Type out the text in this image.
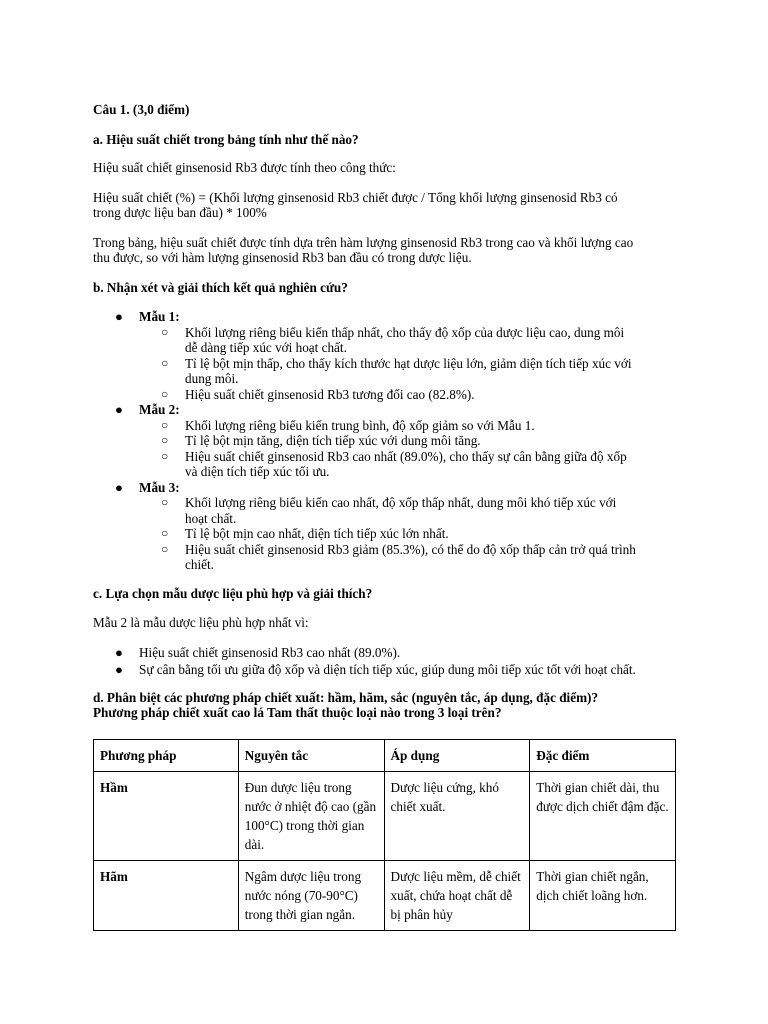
Câu 1. (3,0 điểm)

a. Hiệu suất chiết trong bảng tính như thế nào?

Hiệu suất chiết ginsenosid Rb3 được tính theo công thức:

Hiệu suất chiết (%) = (Khối lượng ginsenosid Rb3 chiết được / Tổng khối lượng ginsenosid Rb3 có
trong dược liệu ban đầu) * 100%

Trong bảng, hiệu suất chiết được tính dựa trên hàm lượng ginsenosid Rb3 trong cao và khối lượng cao
thu được, so với hàm lượng ginsenosid Rb3 ban đầu có trong dược liệu.

b. Nhận xét và giải thích kết quả nghiên cứu?

● Mẫu 1:
○ Khối lượng riêng biểu kiến thấp nhất, cho thấy độ xốp của dược liệu cao, dung môi
dễ dàng tiếp xúc với hoạt chất.
○ Tỉ lệ bột mịn thấp, cho thấy kích thước hạt dược liệu lớn, giảm diện tích tiếp xúc với
dung môi.
○ Hiệu suất chiết ginsenosid Rb3 tương đối cao (82.8%).
● Mẫu 2:
○ Khối lượng riêng biểu kiến trung bình, độ xốp giảm so với Mẫu 1.
○ Tỉ lệ bột mịn tăng, diện tích tiếp xúc với dung môi tăng.
○ Hiệu suất chiết ginsenosid Rb3 cao nhất (89.0%), cho thấy sự cân bằng giữa độ xốp
và diện tích tiếp xúc tối ưu.
● Mẫu 3:
○ Khối lượng riêng biểu kiến cao nhất, độ xốp thấp nhất, dung môi khó tiếp xúc với
hoạt chất.
○ Tỉ lệ bột mịn cao nhất, diện tích tiếp xúc lớn nhất.
○ Hiệu suất chiết ginsenosid Rb3 giảm (85.3%), có thể do độ xốp thấp cản trở quá trình
chiết.

c. Lựa chọn mẫu dược liệu phù hợp và giải thích?

Mẫu 2 là mẫu dược liệu phù hợp nhất vì:

● Hiệu suất chiết ginsenosid Rb3 cao nhất (89.0%).
● Sự cân bằng tối ưu giữa độ xốp và diện tích tiếp xúc, giúp dung môi tiếp xúc tốt với hoạt chất.

d. Phân biệt các phương pháp chiết xuất: hầm, hãm, sắc (nguyên tắc, áp dụng, đặc điểm)?
Phương pháp chiết xuất cao lá Tam thất thuộc loại nào trong 3 loại trên?

Phương pháp	Nguyên tắc	Áp dụng	Đặc điểm
Hầm	Đun dược liệu trong nước ở nhiệt độ cao (gần 100°C) trong thời gian dài.	Dược liệu cứng, khó chiết xuất.	Thời gian chiết dài, thu được dịch chiết đậm đặc.
Hãm	Ngâm dược liệu trong nước nóng (70-90°C) trong thời gian ngắn.	Dược liệu mềm, dễ chiết xuất, chứa hoạt chất dễ bị phân hủy	Thời gian chiết ngắn, dịch chiết loãng hơn.
